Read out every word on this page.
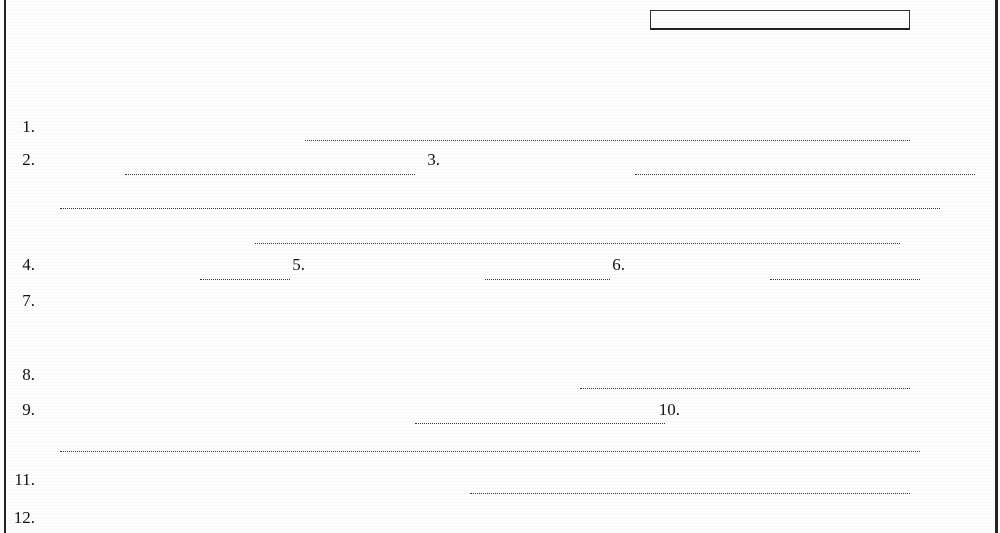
1.
2.	3.
4.	5.	6.
7.
8.
9.	10.
11.
12.
